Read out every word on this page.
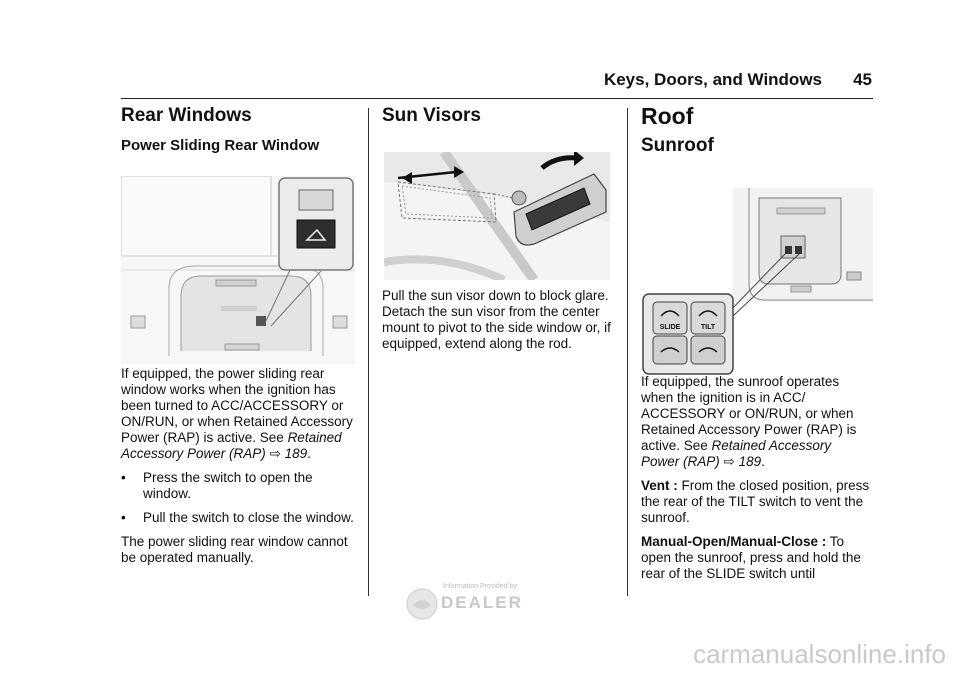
Keys, Doors, and Windows 45
Rear Windows
Power Sliding Rear Window

If equipped, the power sliding rear window works when the ignition has been turned to ACC/ACCESSORY or ON/RUN, or when Retained Accessory Power (RAP) is active. See Retained Accessory Power (RAP) ⇨ 189.

•	Press the switch to open the window.
•	Pull the switch to close the window.

The power sliding rear window cannot be operated manually.

Sun Visors

Pull the sun visor down to block glare. Detach the sun visor from the center mount to pivot to the side window or, if equipped, extend along the rod.

Roof
Sunroof

If equipped, the sunroof operates when the ignition is in ACC/ ACCESSORY or ON/RUN, or when Retained Accessory Power (RAP) is active. See Retained Accessory Power (RAP) ⇨ 189.

Vent : From the closed position, press the rear of the TILT switch to vent the sunroof.

Manual-Open/Manual-Close : To open the sunroof, press and hold the rear of the SLIDE switch until

SLIDE	TILT
Information Provided by:
DEALER
carmanualsonline.info
